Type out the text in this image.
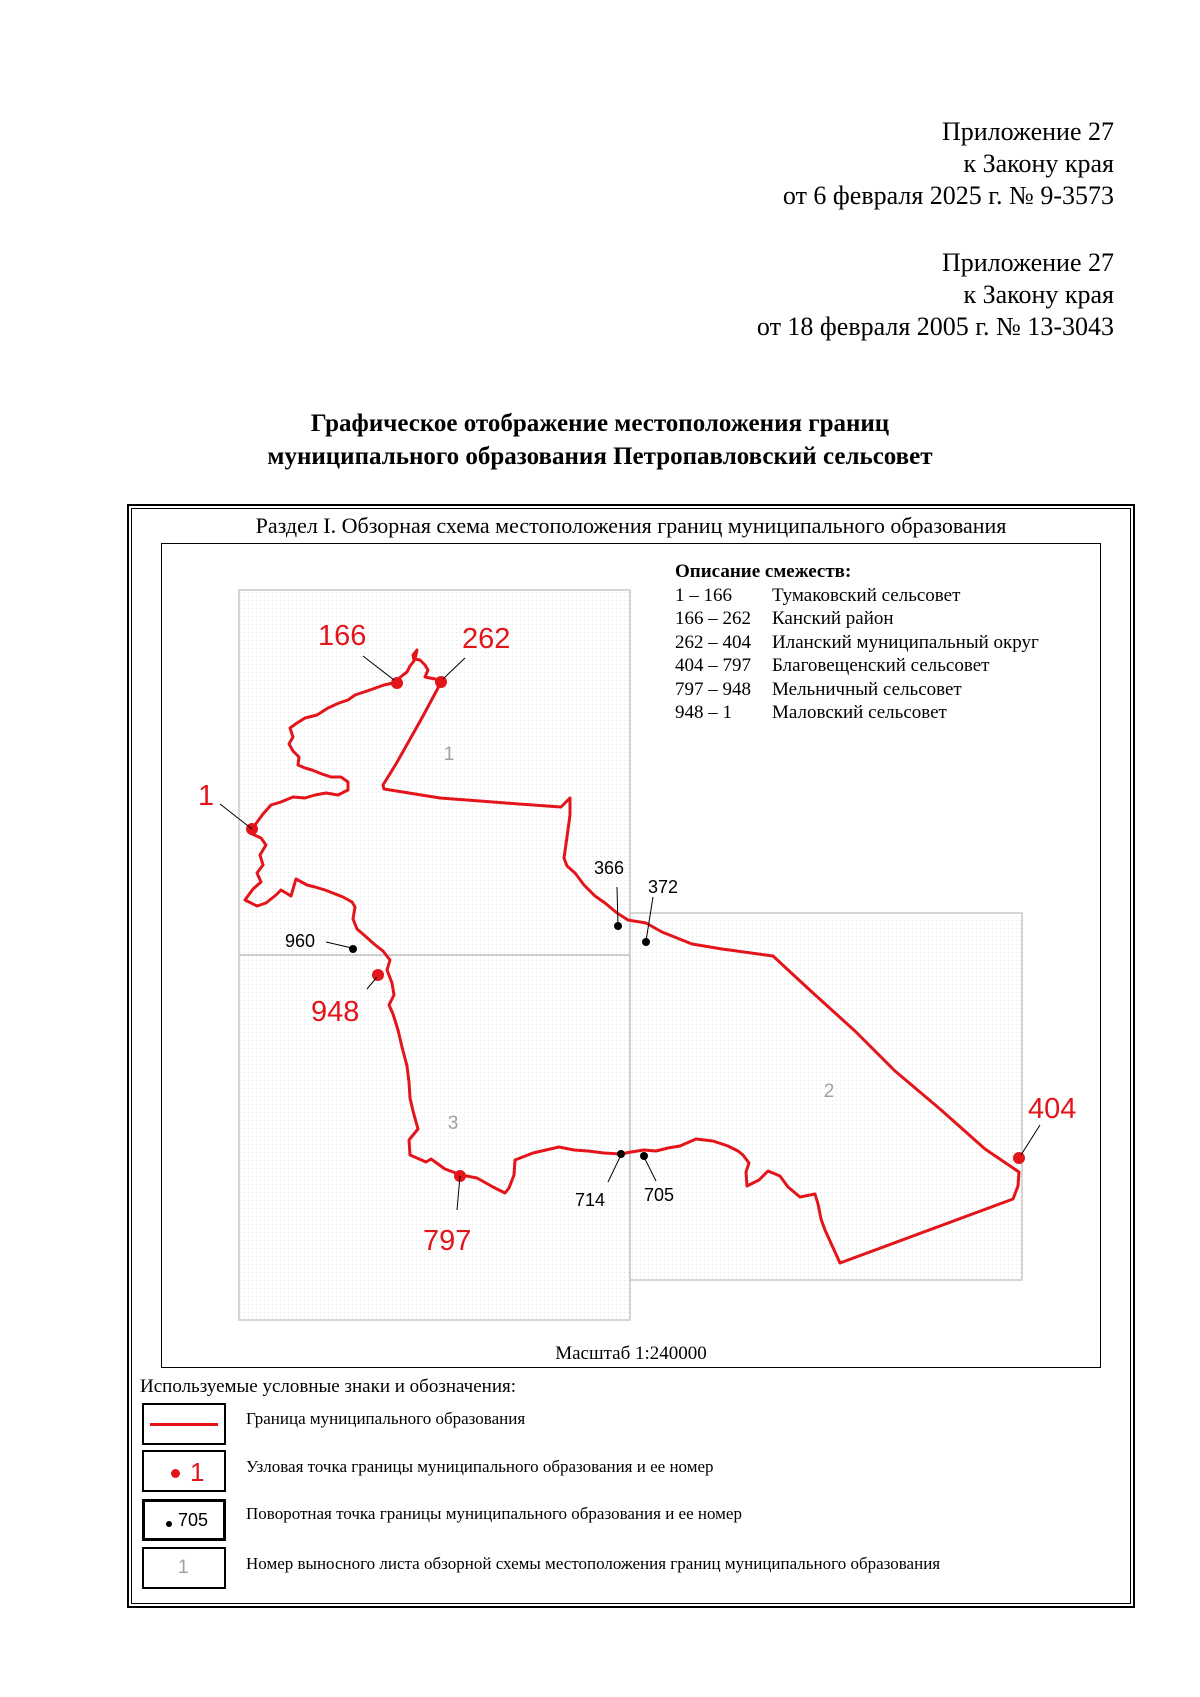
Приложение 27
к Закону края
от 6 февраля 2025 г. № 9-3573
Приложение 27
к Закону края
от 18 февраля 2005 г. № 13-3043
Графическое отображение местоположения границ
муниципального образования Петропавловский сельсовет
Раздел I. Обзорная схема местоположения границ муниципального образования
1
2
3
1
166	262
404
797
948
366
372
705
714
960
Описание смежеств:
1 – 166	Тумаковский сельсовет
166 – 262	Канский район
262 – 404	Иланский муниципальный округ
404 – 797	Благовещенский сельсовет
797 – 948	Мельничный сельсовет
948 – 1	Маловский сельсовет
Масштаб 1:240000
Используемые условные знаки и обозначения:
Граница муниципального образования
1 Узловая точка границы муниципального образования и ее номер
705 Поворотная точка границы муниципального образования и ее номер
1	Номер выносного листа обзорной схемы местоположения границ муниципального образования
